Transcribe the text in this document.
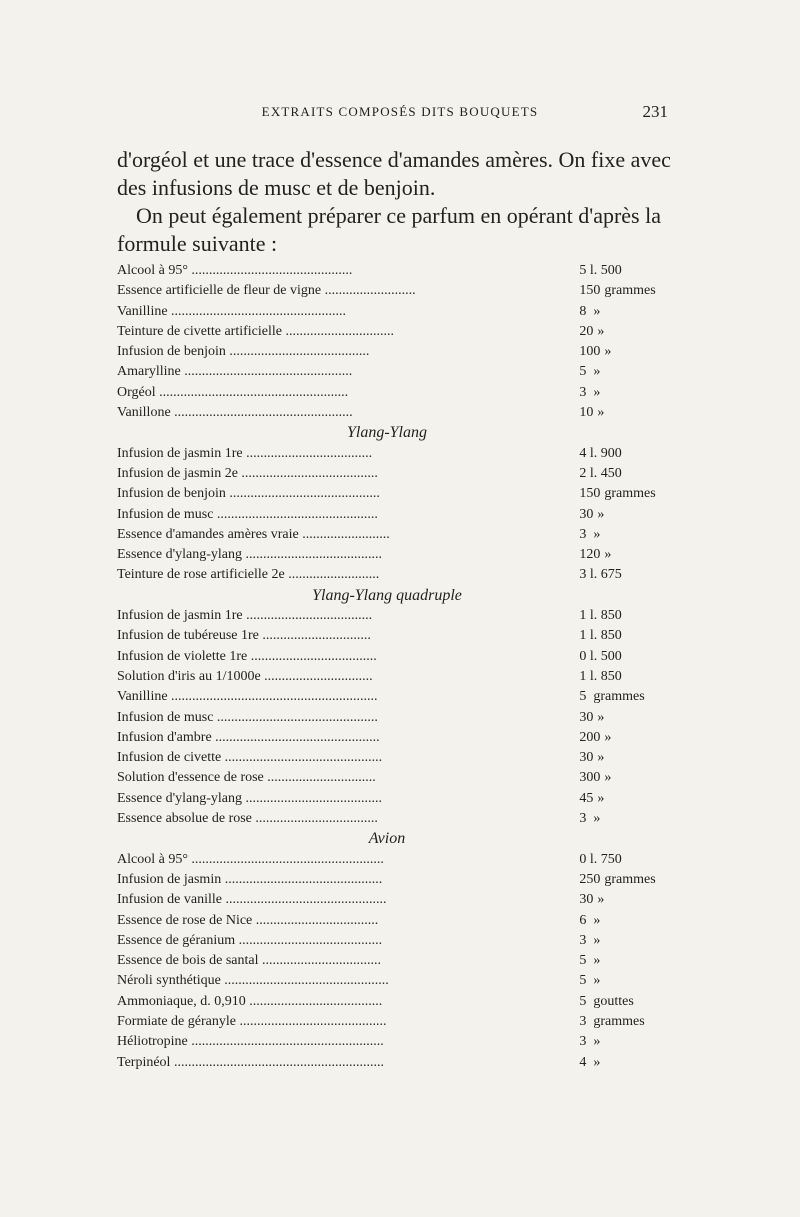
EXTRAITS COMPOSÉS DITS BOUQUETS	231

d'orgéol et une trace d'essence d'amandes amères. On fixe avec des infusions de musc et de benjoin.

On peut également préparer ce parfum en opérant d'après la formule suivante :

Alcool à 95° ..............................................	5 l. 500
Essence artificielle de fleur de vigne ..........................	150 grammes
Vanilline ..................................................	8 »
Teinture de civette artificielle ...............................	20 »
Infusion de benjoin ........................................	100 »
Amarylline ................................................	5 »
Orgéol ......................................................	3 »
Vanillone ...................................................	10 »
Ylang-Ylang
Infusion de jasmin 1re ....................................	4 l. 900
Infusion de jasmin 2e .......................................	2 l. 450
Infusion de benjoin ...........................................	150 grammes
Infusion de musc ..............................................	30 »
Essence d'amandes amères vraie .........................	3 »
Essence d'ylang-ylang .......................................	120 »
Teinture de rose artificielle 2e ..........................	3 l. 675
Ylang-Ylang quadruple
Infusion de jasmin 1re ....................................	1 l. 850
Infusion de tubéreuse 1re ...............................	1 l. 850
Infusion de violette 1re ....................................	0 l. 500
Solution d'iris au 1/1000e ...............................	1 l. 850
Vanilline ...........................................................	5 grammes
Infusion de musc ..............................................	30 »
Infusion d'ambre ...............................................	200 »
Infusion de civette .............................................	30 »
Solution d'essence de rose ...............................	300 »
Essence d'ylang-ylang .......................................	45 »
Essence absolue de rose ...................................	3 »
Avion
Alcool à 95° .......................................................	0 l. 750
Infusion de jasmin .............................................	250 grammes
Infusion de vanille ..............................................	30 »
Essence de rose de Nice ...................................	6 »
Essence de géranium .........................................	3 »
Essence de bois de santal ..................................	5 »
Néroli synthétique ...............................................	5 »
Ammoniaque, d. 0,910 ......................................	5 gouttes
Formiate de géranyle ..........................................	3 grammes
Héliotropine .......................................................	3 »
Terpinéol ............................................................	4 »
